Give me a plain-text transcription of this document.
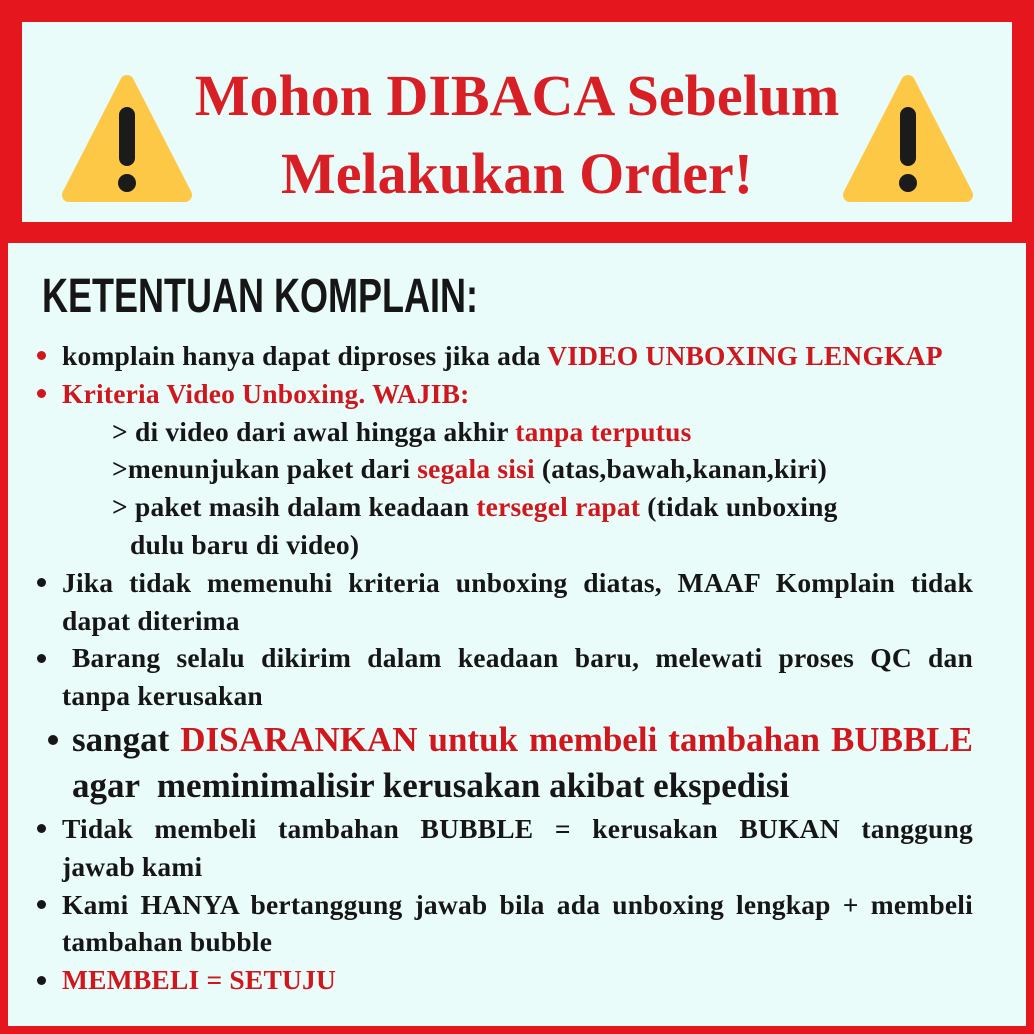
Mohon DIBACA Sebelum
Melakukan Order!
KETENTUAN KOMPLAIN:
komplain hanya dapat diproses jika ada VIDEO UNBOXING LENGKAP
Kriteria Video Unboxing. WAJIB:
> di video dari awal hingga akhir tanpa terputus
>menunjukan paket dari segala sisi (atas,bawah,kanan,kiri)
> paket masih dalam keadaan tersegel rapat (tidak unboxing
dulu baru di video)
Jika tidak memenuhi kriteria unboxing diatas, MAAF Komplain tidak
dapat diterima
Barang selalu dikirim dalam keadaan baru, melewati proses QC dan
tanpa kerusakan
sangat DISARANKAN untuk membeli tambahan BUBBLE
agar  meminimalisir kerusakan akibat ekspedisi
Tidak membeli tambahan BUBBLE = kerusakan BUKAN tanggung
jawab kami
Kami HANYA bertanggung jawab bila ada unboxing lengkap + membeli
tambahan bubble
MEMBELI = SETUJU
